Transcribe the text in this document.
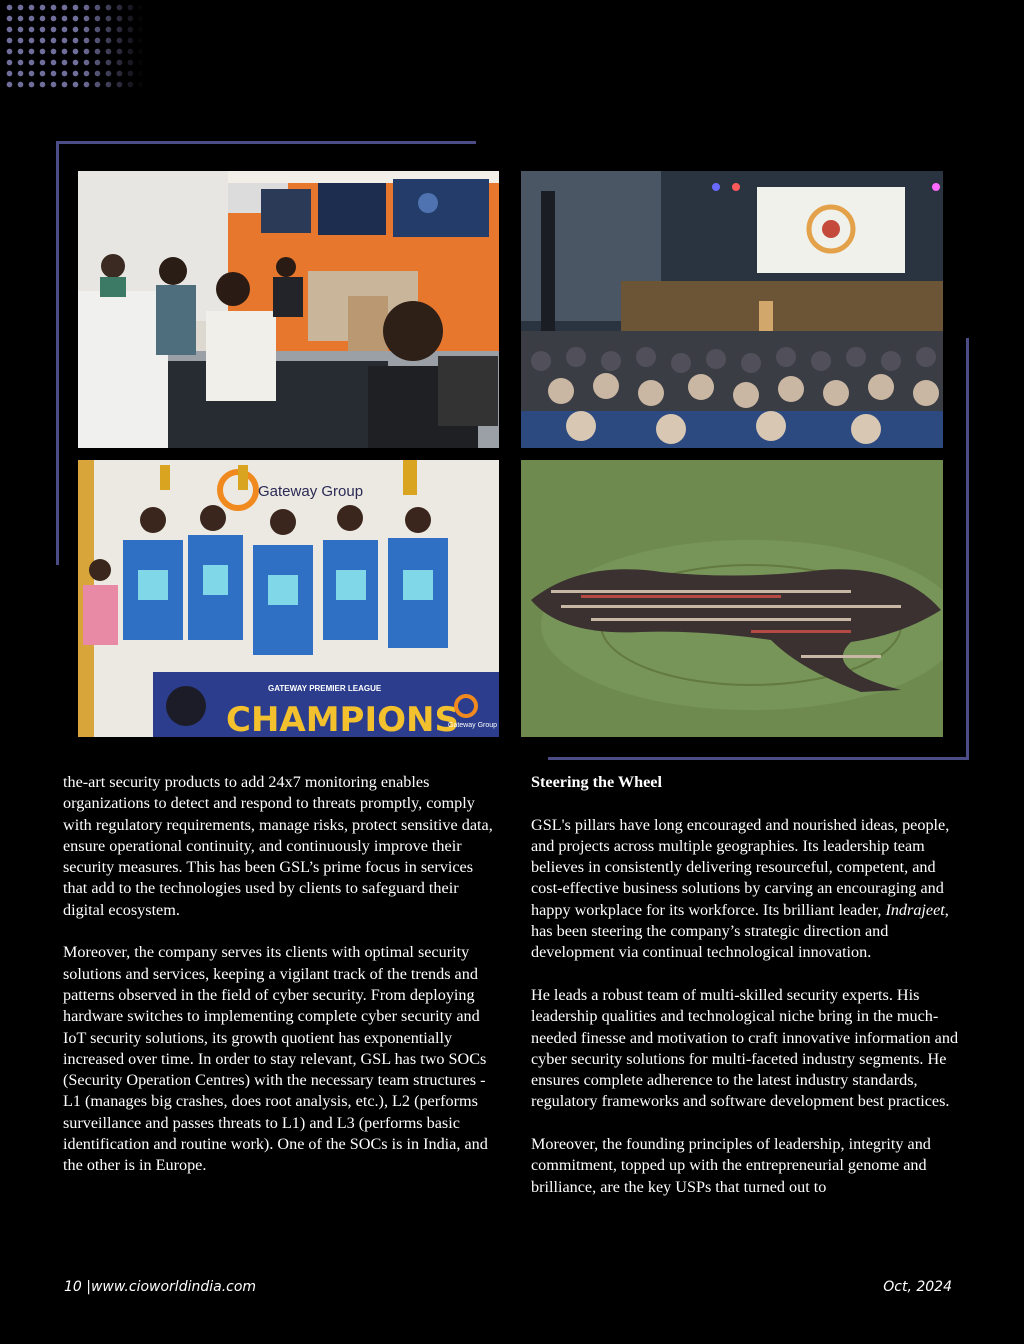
Gateway Group
GATEWAY PREMIER LEAGUE
CHAMPIONS
Gateway Group

the-art security products to add 24x7 monitoring enables organizations to detect and respond to threats promptly, comply with regulatory requirements, manage risks, protect sensitive data, ensure operational continuity, and continuously improve their security measures. This has been GSL’s prime focus in services that add to the technologies used by clients to safeguard their digital ecosystem.

Moreover, the company serves its clients with optimal security solutions and services, keeping a vigilant track of the trends and patterns observed in the field of cyber security. From deploying hardware switches to implementing complete cyber security and IoT security solutions, its growth quotient has exponentially increased over time. In order to stay relevant, GSL has two SOCs (Security Operation Centres) with the necessary team structures - L1 (manages big crashes, does root analysis, etc.), L2 (performs surveillance and passes threats to L1) and L3 (performs basic identification and routine work). One of the SOCs is in India, and the other is in Europe.

Steering the Wheel

GSL's pillars have long encouraged and nourished ideas, people, and projects across multiple geographies. Its leadership team believes in consistently delivering resourceful, competent, and cost-effective business solutions by carving an encouraging and happy workplace for its workforce. Its brilliant leader, Indrajeet, has been steering the company’s strategic direction and development via continual technological innovation.

He leads a robust team of multi-skilled security experts. His leadership qualities and technological niche bring in the much-needed finesse and motivation to craft innovative information and cyber security solutions for multi-faceted industry segments. He ensures complete adherence to the latest industry standards, regulatory frameworks and software development best practices.

Moreover, the founding principles of leadership, integrity and commitment, topped up with the entrepreneurial genome and brilliance, are the key USPs that turned out to

10 |www.cioworldindia.com	Oct, 2024
